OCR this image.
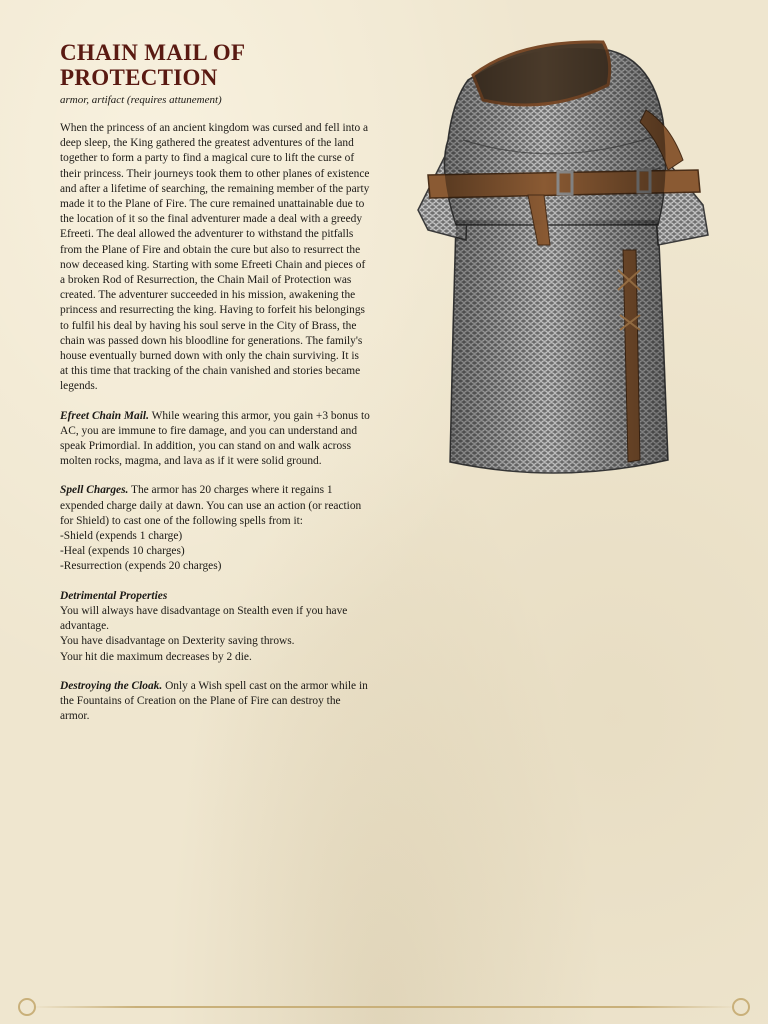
CHAIN MAIL OF
PROTECTION
armor, artifact (requires attunement)

When the princess of an ancient kingdom was cursed and fell into a deep sleep, the King gathered the greatest adventures of the land together to form a party to find a magical cure to lift the curse of their princess. Their journeys took them to other planes of existence and after a lifetime of searching, the remaining member of the party made it to the Plane of Fire. The cure remained unattainable due to the location of it so the final adventurer made a deal with a greedy Efreeti. The deal allowed the adventurer to withstand the pitfalls from the Plane of Fire and obtain the cure but also to resurrect the now deceased king. Starting with some Efreeti Chain and pieces of a broken Rod of Resurrection, the Chain Mail of Protection was created. The adventurer succeeded in his mission, awakening the princess and resurrecting the king. Having to forfeit his belongings to fulfil his deal by having his soul serve in the City of Brass, the chain was passed down his bloodline for generations. The family's house eventually burned down with only the chain surviving. It is at this time that tracking of the chain vanished and stories became legends.

Efreet Chain Mail. While wearing this armor, you gain +3 bonus to AC, you are immune to fire damage, and you can understand and speak Primordial. In addition, you can stand on and walk across molten rocks, magma, and lava as if it were solid ground.

Spell Charges. The armor has 20 charges where it regains 1 expended charge daily at dawn. You can use an action (or reaction for Shield) to cast one of the following spells from it:
-Shield (expends 1 charge)
-Heal (expends 10 charges)
-Resurrection (expends 20 charges)

Detrimental Properties
You will always have disadvantage on Stealth even if you have advantage.
You have disadvantage on Dexterity saving throws.
Your hit die maximum decreases by 2 die.

Destroying the Cloak. Only a Wish spell cast on the armor while in the Fountains of Creation on the Plane of Fire can destroy the armor.
